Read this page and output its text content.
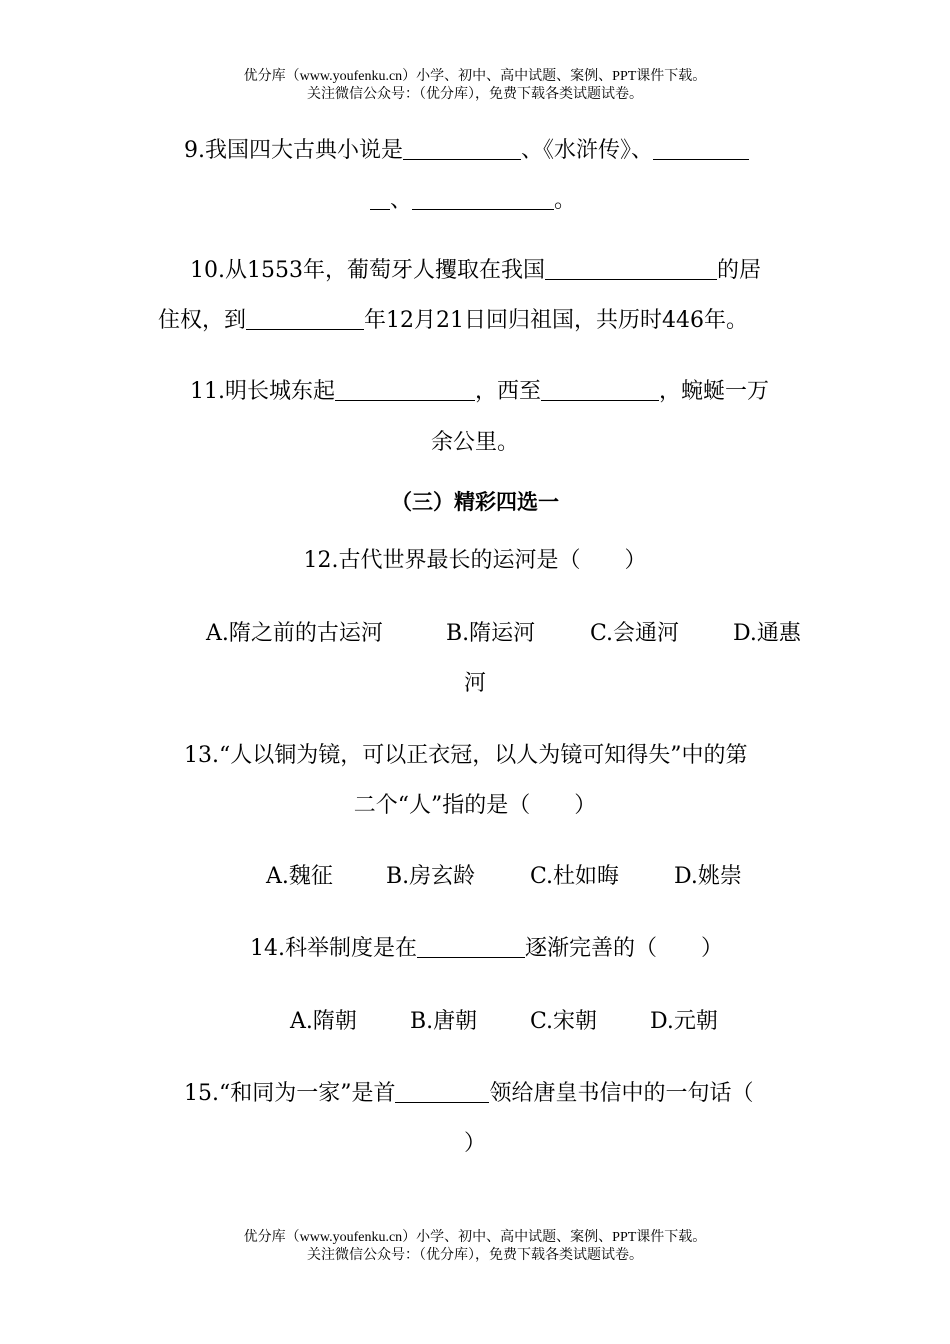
优分库（www.youfenku.cn）小学、初中、高中试题、案例、PPT课件下载。
关注微信公众号：（优分库），免费下载各类试题试卷。
9.我国四大古典小说是	、《水浒传》、
、	。
10.从1553年，葡萄牙人攫取在我国	的居
住权，到	年12月21日回归祖国，共历时446年。
11.明长城东起	，西至	，蜿蜒一万
余公里。
（三）精彩四选一
12.古代世界最长的运河是（　　）
A.隋之前的古运河	B.隋运河 C.会通河 D.通惠
河
13.“人以铜为镜，可以正衣冠，以人为镜可知得失”中的第
二个“人”指的是（　　）
A.魏征 B.房玄龄 C.杜如晦 D.姚崇
14.科举制度是在	逐渐完善的（　　）
A.隋朝 B.唐朝 C.宋朝 D.元朝
15.“和同为一家”是首	领给唐皇书信中的一句话（
）
优分库（www.youfenku.cn）小学、初中、高中试题、案例、PPT课件下载。
关注微信公众号：（优分库），免费下载各类试题试卷。
